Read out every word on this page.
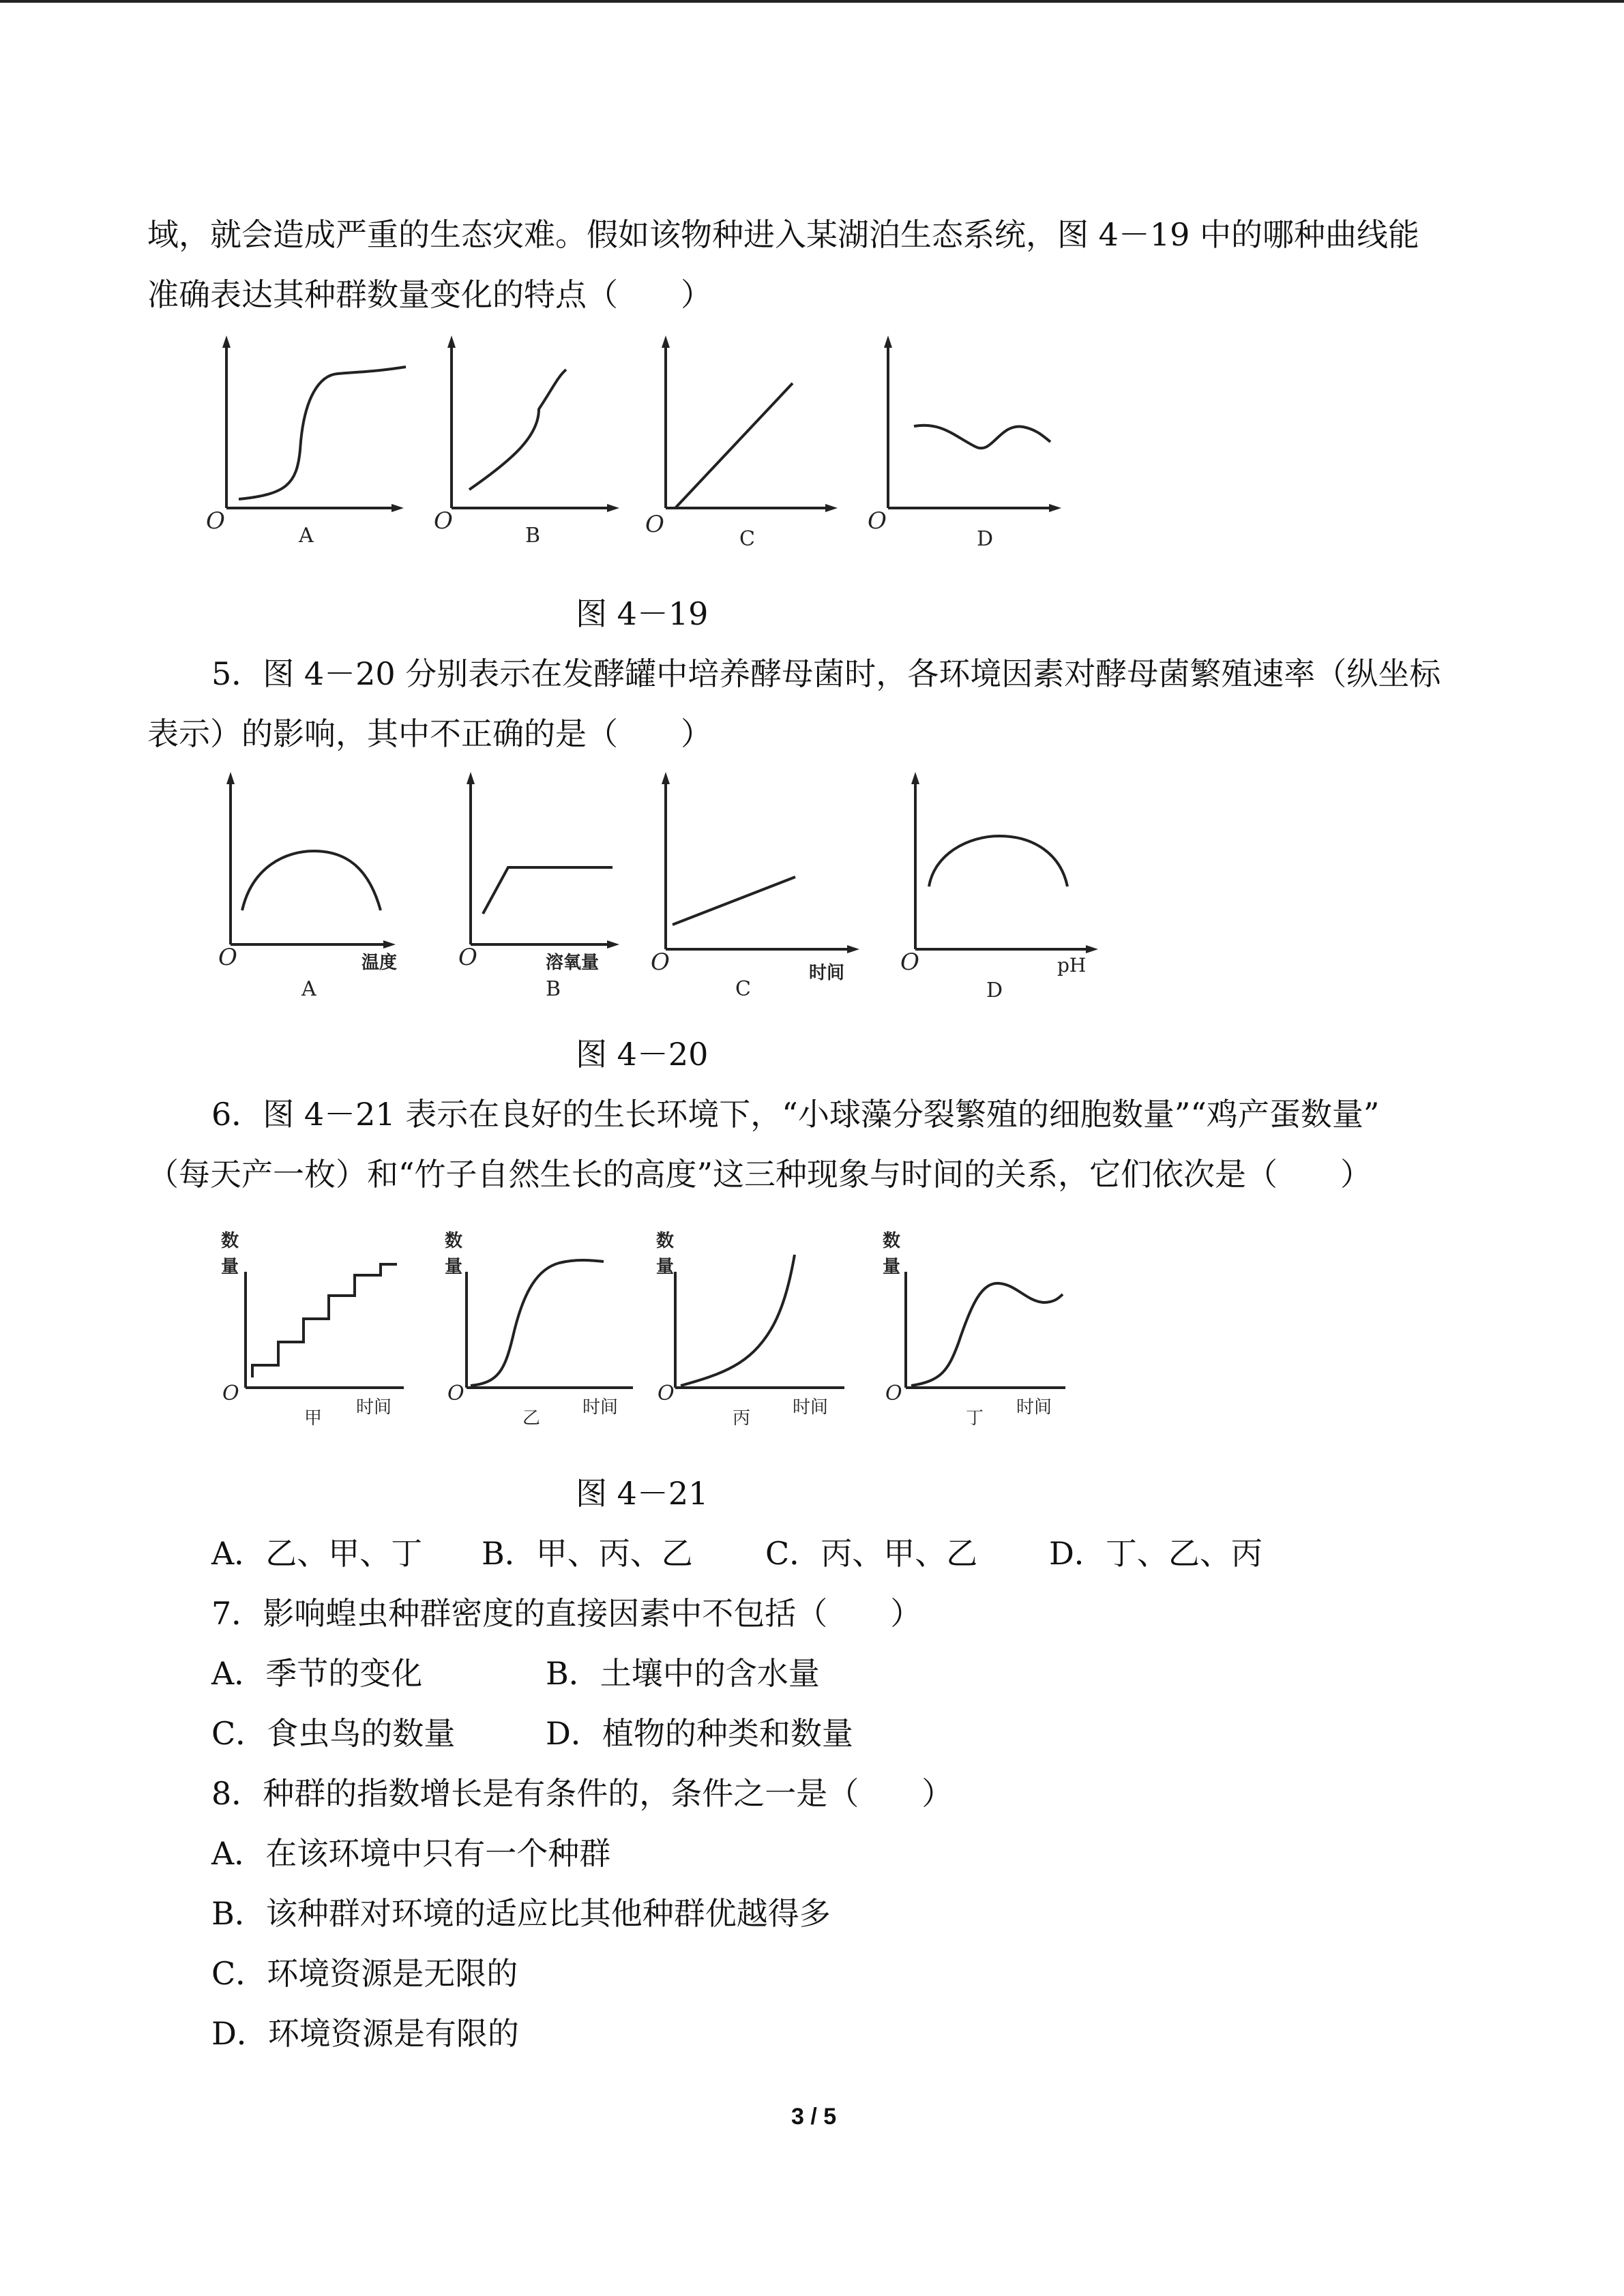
域，就会造成严重的生态灾难。假如该物种进入某湖泊生态系统，图 4－19 中的哪种曲线能

准确表达其种群数量变化的特点（　　）

O
A
O
B	O
C
O
D
图 4－19

5．图 4－20 分别表示在发酵罐中培养酵母菌时，各环境因素对酵母菌繁殖速率（纵坐标

表示）的影响，其中不正确的是（　　）

O	温度
A
O	溶氧量
B
O	时间
C
O	pH
D
图 4－20

6．图 4－21 表示在良好的生长环境下，“小球藻分裂繁殖的细胞数量”“鸡产蛋数量”

（每天产一枚）和“竹子自然生长的高度”这三种现象与时间的关系，它们依次是（　　）

数
量
O
甲
时间
数
量
O
乙
时间
数
量
O
丙
时间
数
量
O
丁
时间
图 4－21

A．乙、甲、丁 B．甲、丙、乙 C．丙、甲、乙 D．丁、乙、丙

7．影响蝗虫种群密度的直接因素中不包括（　　）

A．季节的变化	B．土壤中的含水量

C．食虫鸟的数量	D．植物的种类和数量

8．种群的指数增长是有条件的，条件之一是（　　）

A．在该环境中只有一个种群

B．该种群对环境的适应比其他种群优越得多

C．环境资源是无限的

D．环境资源是有限的

3 / 5
